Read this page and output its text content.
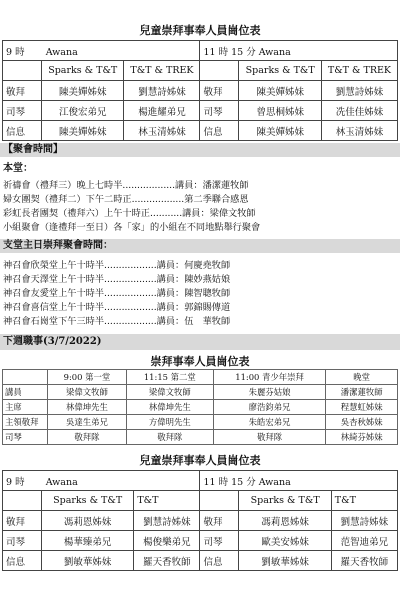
兒童崇拜事奉人員崗位表
9 時 Awana			11 時 15 分 Awana		
	Sparks & T&T	T&T & TREK		Sparks & T&T	T&T & TREK
敬拜	陳美嬋姊妹	劉慧詩姊妹	敬拜	陳美嬋姊妹	劉慧詩姊妹
司琴	江俊宏弟兄	楊進耀弟兄	司琴	曾思桐姊妹	冼佳佳姊妹
信息	陳美嬋姊妹	林玉清姊妹	信息	陳美嬋姊妹	林玉清姊妹
【聚會時間】
本堂：
祈禱會（禮拜三）晚上七時半..................講員：潘潔蓮牧師
婦女團契（禮拜二）下午二時正..................第二季聯合感恩
彩虹長者團契（禮拜六）上午十時正...........講員：梁偉文牧師
小組聚會（逢禮拜一至日）各「家」的小組在不同地點舉行聚會
支堂主日崇拜聚會時間：
神召會欣榮堂上午十時半..................講員：何慶堯牧師
神召會天澤堂上午十時半..................講員：陳妙燕姑娘
神召會友愛堂上午十時半..................講員：陳智聰牧師
神召會喜信堂上午十時半..................講員：郭錦賜傳道
神召會石崗堂下午三時半..................講員：伍　華牧師
下週職事(3/7/2022)
崇拜事奉人員崗位表
	9:00 第一堂	11:15 第二堂	11:00 青少年崇拜	晚堂
講員	梁偉文牧師	梁偉文牧師	朱麗芬姑娘	潘潔蓮牧師
主席	林偉坤先生	林偉坤先生	廖浩鈞弟兄	程慧虹姊妹
主領敬拜	吳達生弟兄	方偉明先生	朱皓宏弟兄	吳杏秋姊妹
司琴	敬拜隊	敬拜隊	敬拜隊	林綺芬姊妹
兒童崇拜事奉人員崗位表
9 時 Awana			11 時 15 分 Awana		
	Sparks & T&T	T&T		Sparks & T&T	T&T
敬拜	馮莉恩姊妹	劉慧詩姊妹	敬拜	馮莉恩姊妹	劉慧詩姊妹
司琴	楊華臻弟兄	楊俊樂弟兄	司琴	歐美安姊妹	范智迪弟兄
信息	劉敏華姊妹	羅天香牧師	信息	劉敏華姊妹	羅天香牧師
